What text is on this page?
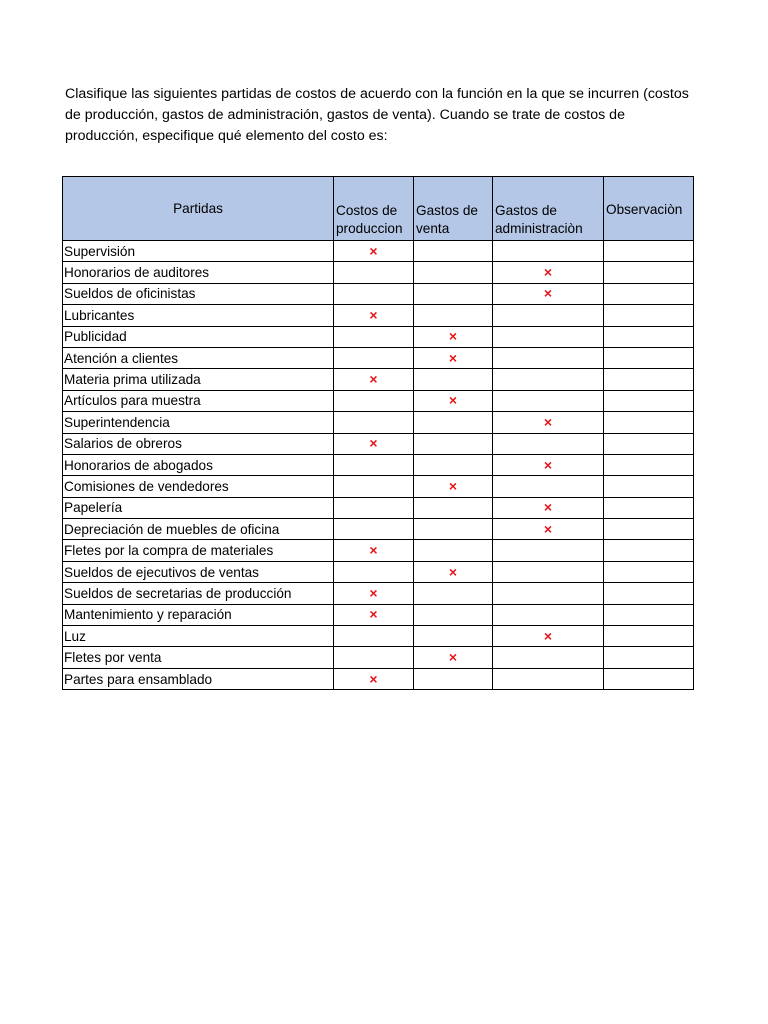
Clasifique las siguientes partidas de costos de acuerdo con la función en la que se incurren (costos de producción, gastos de administración, gastos de venta). Cuando se trate de costos de producción, especifique qué elemento del costo es:

Partidas	Costos de produccion	Gastos de venta	Gastos de administraciòn	Observaciòn
Supervisión	×			
Honorarios de auditores			×	
Sueldos de oficinistas			×	
Lubricantes	×			
Publicidad		×		
Atención a clientes		×		
Materia prima utilizada	×			
Artículos para muestra		×		
Superintendencia			×	
Salarios de obreros	×			
Honorarios de abogados			×	
Comisiones de vendedores		×		
Papelería			×	
Depreciación de muebles de oficina			×	
Fletes por la compra de materiales	×			
Sueldos de ejecutivos de ventas		×		
Sueldos de secretarias de producción	×			
Mantenimiento y reparación	×			
Luz			×	
Fletes por venta		×		
Partes para ensamblado	×			
